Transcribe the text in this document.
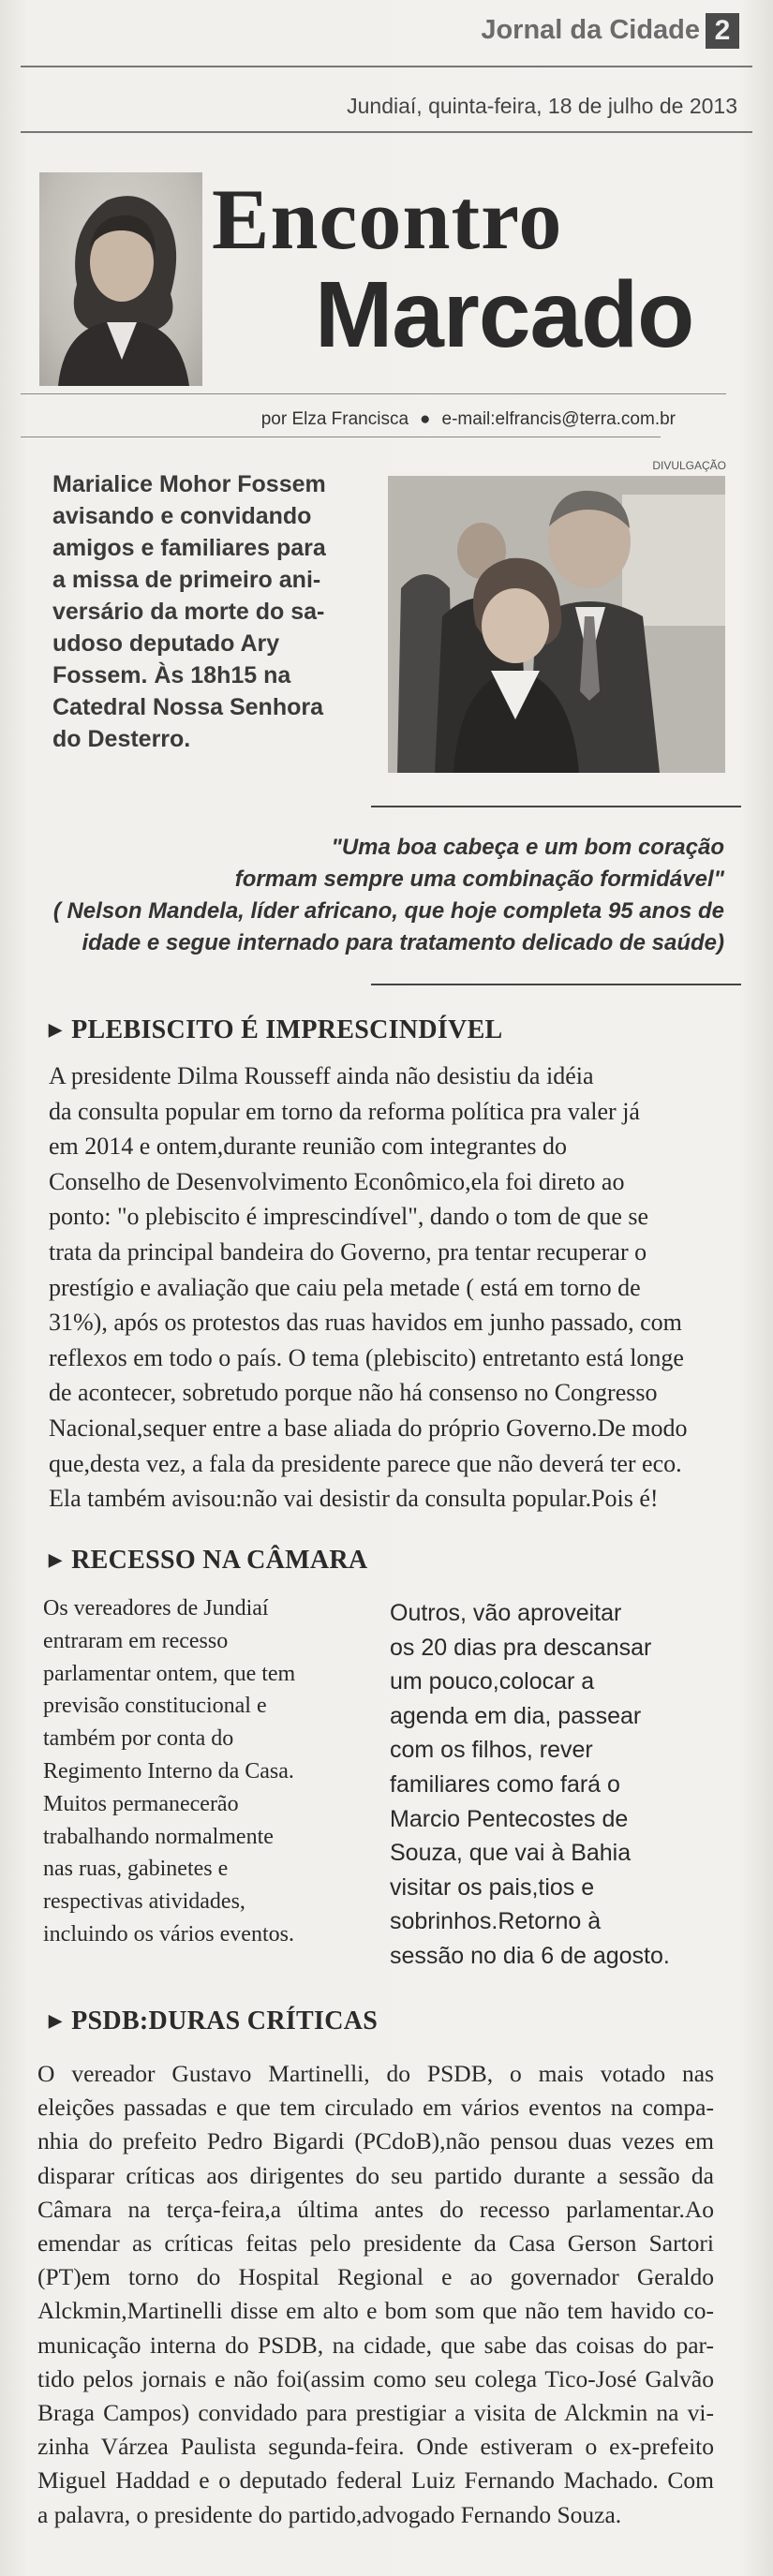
Jornal da Cidade 2
Jundiaí, quinta-feira, 18 de julho de 2013
Encontro
Marcado
por Elza Francisca ● e-mail:elfrancis@terra.com.br
Marialice Mohor Fossem
avisando e convidando
amigos e familiares para
a missa de primeiro ani-
versário da morte do sa-
udoso deputado Ary
Fossem. Às 18h15 na
Catedral Nossa Senhora
do Desterro.
DIVULGAÇÃO
"Uma boa cabeça e um bom coração
formam sempre uma combinação formidável"
( Nelson Mandela, líder africano, que hoje completa 95 anos de
idade e segue internado para tratamento delicado de saúde)
▶ PLEBISCITO É IMPRESCINDÍVEL
A presidente Dilma Rousseff ainda não desistiu da idéia
da consulta popular em torno da reforma política pra valer já
em 2014 e ontem,durante reunião com integrantes do
Conselho de Desenvolvimento Econômico,ela foi direto ao
ponto: "o plebiscito é imprescindível", dando o tom de que se
trata da principal bandeira do Governo, pra tentar recuperar o
prestígio e avaliação que caiu pela metade ( está em torno de
31%), após os protestos das ruas havidos em junho passado, com
reflexos em todo o país. O tema (plebiscito) entretanto está longe
de acontecer, sobretudo porque não há consenso no Congresso
Nacional,sequer entre a base aliada do próprio Governo.De modo
que,desta vez, a fala da presidente parece que não deverá ter eco.
Ela também avisou:não vai desistir da consulta popular.Pois é!
▶ RECESSO NA CÂMARA
Os vereadores de Jundiaí
entraram em recesso
parlamentar ontem, que tem
previsão constitucional e
também por conta do
Regimento Interno da Casa.
Muitos permanecerão
trabalhando normalmente
nas ruas, gabinetes e
respectivas atividades,
incluindo os vários eventos.
Outros, vão aproveitar
os 20 dias pra descansar
um pouco,colocar a
agenda em dia, passear
com os filhos, rever
familiares como fará o
Marcio Pentecostes de
Souza, que vai à Bahia
visitar os pais,tios e
sobrinhos.Retorno à
sessão no dia 6 de agosto.
▶ PSDB:DURAS CRÍTICAS
O vereador Gustavo Martinelli, do PSDB, o mais votado nas
eleições passadas e que tem circulado em vários eventos na compa-
nhia do prefeito Pedro Bigardi (PCdoB),não pensou duas vezes em
disparar críticas aos dirigentes do seu partido durante a sessão da
Câmara na terça-feira,a última antes do recesso parlamentar.Ao
emendar as críticas feitas pelo presidente da Casa Gerson Sartori
(PT)em torno do Hospital Regional e ao governador Geraldo
Alckmin,Martinelli disse em alto e bom som que não tem havido co-
municação interna do PSDB, na cidade, que sabe das coisas do par-
tido pelos jornais e não foi(assim como seu colega Tico-José Galvão
Braga Campos) convidado para prestigiar a visita de Alckmin na vi-
zinha Várzea Paulista segunda-feira. Onde estiveram o ex-prefeito
Miguel Haddad e o deputado federal Luiz Fernando Machado. Com
a palavra, o presidente do partido,advogado Fernando Souza.
